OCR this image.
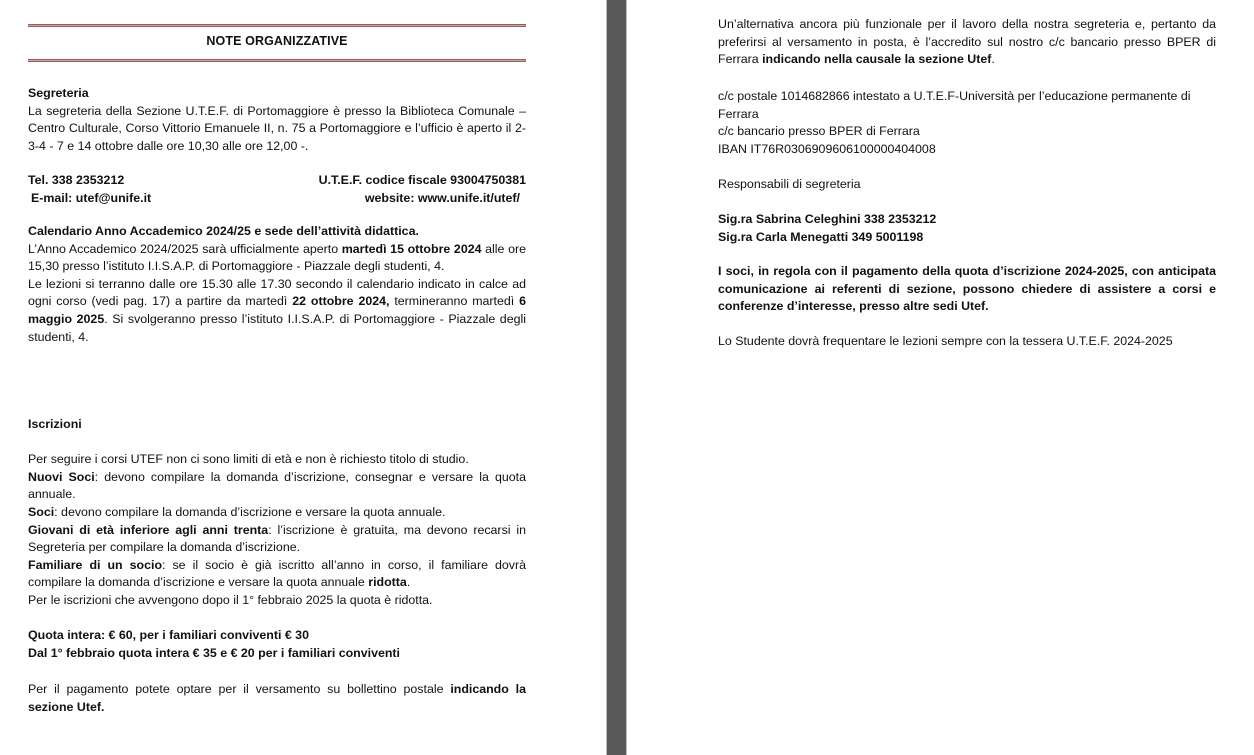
NOTE ORGANIZZATIVE

Segreteria

La segreteria della Sezione U.T.E.F. di Portomaggiore è presso la Biblioteca Comunale – Centro Culturale, Corso Vittorio Emanuele II, n. 75 a Portomaggiore e l’ufficio è aperto il 2-3-4 - 7 e 14 ottobre dalle ore 10,30 alle ore 12,00 -.

Tel. 338 2353212	U.T.E.F. codice fiscale 93004750381
E-mail: utef@unife.it	website: www.unife.it/utef/

Calendario Anno Accademico 2024/25 e sede dell’attività didattica.

L’Anno Accademico 2024/2025 sarà ufficialmente aperto martedì 15 ottobre 2024 alle ore 15,30 presso l’istituto I.I.S.A.P. di Portomaggiore - Piazzale degli studenti, 4.

Le lezioni si terranno dalle ore 15.30 alle 17.30 secondo il calendario indicato in calce ad ogni corso (vedi pag. 17) a partire da martedì 22 ottobre 2024, termineranno martedì 6 maggio 2025. Si svolgeranno presso l’istituto I.I.S.A.P. di Portomaggiore - Piazzale degli studenti, 4.

Iscrizioni

Per seguire i corsi UTEF non ci sono limiti di età e non è richiesto titolo di studio.

Nuovi Soci: devono compilare la domanda d’iscrizione, consegnar e versare la quota annuale.

Soci: devono compilare la domanda d’iscrizione e versare la quota annuale.

Giovani di età inferiore agli anni trenta: l’iscrizione è gratuita, ma devono recarsi in Segreteria per compilare la domanda d’iscrizione.

Familiare di un socio: se il socio è già iscritto all’anno in corso, il familiare dovrà compilare la domanda d’iscrizione e versare la quota annuale ridotta.

Per le iscrizioni che avvengono dopo il 1° febbraio 2025 la quota è ridotta.

Quota intera: € 60, per i familiari conviventi € 30

Dal 1° febbraio quota intera € 35 e € 20 per i familiari conviventi

Per il pagamento potete optare per il versamento su bollettino postale indicando la sezione Utef.

Un’alternativa ancora più funzionale per il lavoro della nostra segreteria e, pertanto da preferirsi al versamento in posta, è l’accredito sul nostro c/c bancario presso BPER di Ferrara indicando nella causale la sezione Utef.

c/c postale 1014682866 intestato a U.T.E.F-Università per l’educazione permanente di Ferrara

c/c bancario presso BPER di Ferrara

IBAN IT76R0306909606100000404008

Responsabili di segreteria

Sig.ra Sabrina Celeghini 338 2353212

Sig.ra Carla Menegatti 349 5001198

I soci, in regola con il pagamento della quota d’iscrizione 2024-2025, con anticipata comunicazione ai referenti di sezione, possono chiedere di assistere a corsi e conferenze d’interesse, presso altre sedi Utef.
Lo Studente dovrà frequentare le lezioni sempre con la tessera U.T.E.F. 2024-2025
